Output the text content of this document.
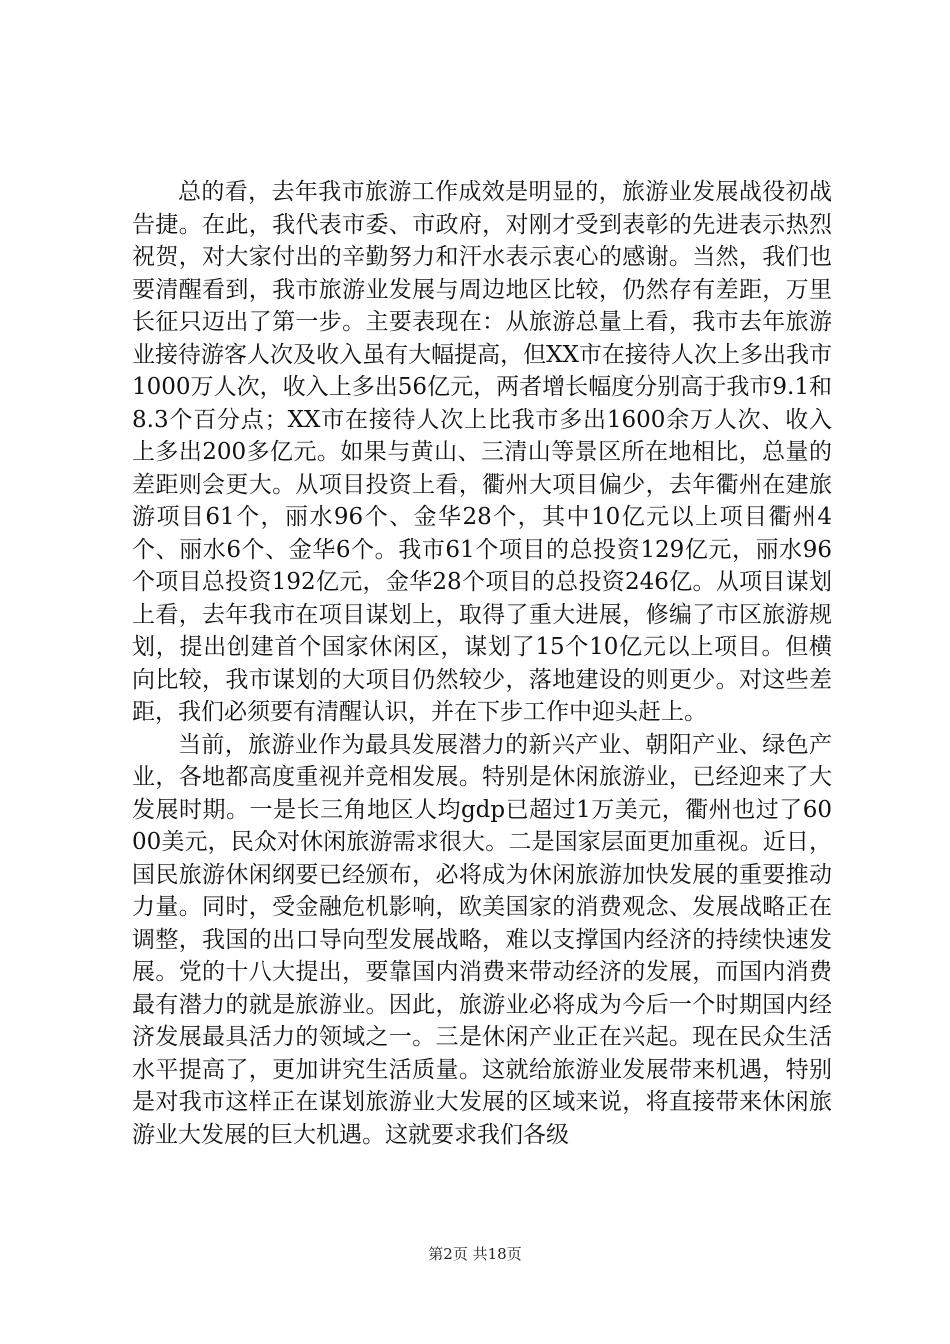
总的看，去年我市旅游工作成效是明显的，旅游业发展战役初战告捷。在此，我代表市委、市政府，对刚才受到表彰的先进表示热烈祝贺，对大家付出的辛勤努力和汗水表示衷心的感谢。当然，我们也要清醒看到，我市旅游业发展与周边地区比较，仍然存有差距，万里长征只迈出了第一步。主要表现在：从旅游总量上看，我市去年旅游业接待游客人次及收入虽有大幅提高，但XX市在接待人次上多出我市1000万人次，收入上多出56亿元，两者增长幅度分别高于我市9.1和8.3个百分点；XX市在接待人次上比我市多出1600余万人次、收入上多出200多亿元。如果与黄山、三清山等景区所在地相比，总量的差距则会更大。从项目投资上看，衢州大项目偏少，去年衢州在建旅游项目61个，丽水96个、金华28个，其中10亿元以上项目衢州4个、丽水6个、金华6个。我市61个项目的总投资129亿元，丽水96个项目总投资192亿元，金华28个项目的总投资246亿。从项目谋划上看，去年我市在项目谋划上，取得了重大进展，修编了市区旅游规划，提出创建首个国家休闲区，谋划了15个10亿元以上项目。但横向比较，我市谋划的大项目仍然较少，落地建设的则更少。对这些差距，我们必须要有清醒认识，并在下步工作中迎头赶上。

当前，旅游业作为最具发展潜力的新兴产业、朝阳产业、绿色产业，各地都高度重视并竞相发展。特别是休闲旅游业，已经迎来了大发展时期。一是长三角地区人均gdp已超过1万美元，衢州也过了6000美元，民众对休闲旅游需求很大。二是国家层面更加重视。近日，国民旅游休闲纲要已经颁布，必将成为休闲旅游加快发展的重要推动力量。同时，受金融危机影响，欧美国家的消费观念、发展战略正在调整，我国的出口导向型发展战略，难以支撑国内经济的持续快速发展。党的十八大提出，要靠国内消费来带动经济的发展，而国内消费最有潜力的就是旅游业。因此，旅游业必将成为今后一个时期国内经济发展最具活力的领域之一。三是休闲产业正在兴起。现在民众生活水平提高了，更加讲究生活质量。这就给旅游业发展带来机遇，特别是对我市这样正在谋划旅游业大发展的区域来说，将直接带来休闲旅游业大发展的巨大机遇。这就要求我们各级

第2页 共18页
